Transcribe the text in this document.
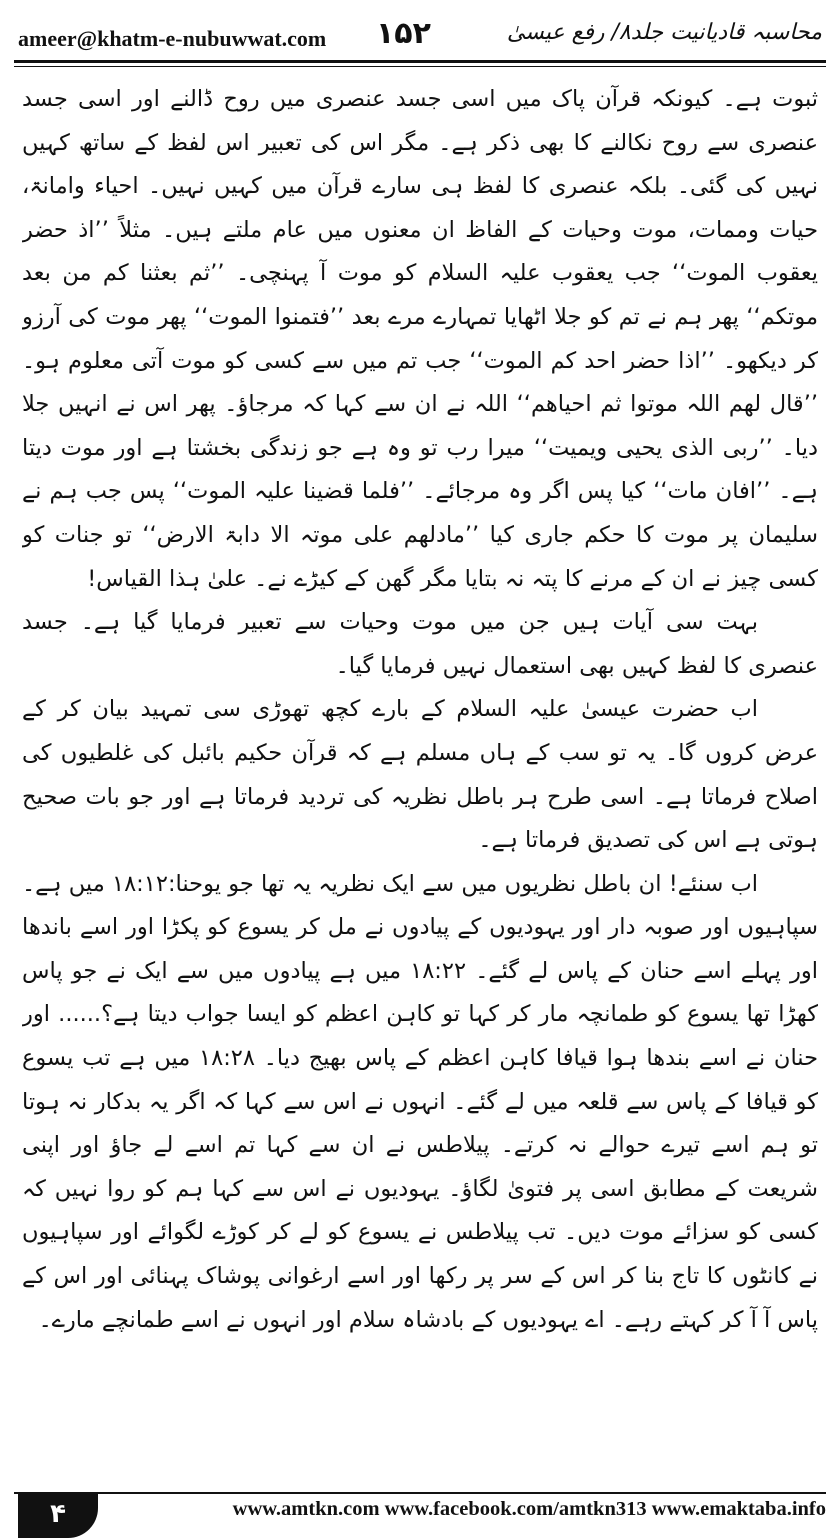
ameer@khatm-e-nubuwwat.com ۱۵۲	محاسبہ قادیانیت جلد۸/ رفع عیسیٰ

ثبوت ہے۔ کیونکہ قرآن پاک میں اسی جسد عنصری میں روح ڈالنے اور اسی جسد عنصری سے روح نکالنے کا بھی ذکر ہے۔ مگر اس کی تعبیر اس لفظ کے ساتھ کہیں نہیں کی گئی۔ بلکہ عنصری کا لفظ ہی سارے قرآن میں کہیں نہیں۔ احیاء وامانۃ، حیات وممات، موت وحیات کے الفاظ ان معنوں میں عام ملتے ہیں۔ مثلاً ’’اذ حضر یعقوب الموت‘‘ جب یعقوب علیہ السلام کو موت آ پہنچی۔ ’’ثم بعثنا کم من بعد موتکم‘‘ پھر ہم نے تم کو جلا اٹھایا تمہارے مرے بعد ’’فتمنوا الموت‘‘ پھر موت کی آرزو کر دیکھو۔ ’’اذا حضر احد کم الموت‘‘ جب تم میں سے کسی کو موت آتی معلوم ہو۔ ’’قال لھم اللہ موتوا ثم احیاھم‘‘ اللہ نے ان سے کہا کہ مرجاؤ۔ پھر اس نے انہیں جلا دیا۔ ’’ربی الذی یحیی ویمیت‘‘ میرا رب تو وہ ہے جو زندگی بخشتا ہے اور موت دیتا ہے۔ ’’افان مات‘‘ کیا پس اگر وہ مرجائے۔ ’’فلما قضینا علیہ الموت‘‘ پس جب ہم نے سلیمان پر موت کا حکم جاری کیا ’’مادلھم علی موتہ الا دابۃ الارض‘‘ تو جنات کو کسی چیز نے ان کے مرنے کا پتہ نہ بتایا مگر گھن کے کیڑے نے۔ علیٰ ہذا القیاس!

بہت سی آیات ہیں جن میں موت وحیات سے تعبیر فرمایا گیا ہے۔ جسد عنصری کا لفظ کہیں بھی استعمال نہیں فرمایا گیا۔

اب حضرت عیسیٰ علیہ السلام کے بارے کچھ تھوڑی سی تمہید بیان کر کے عرض کروں گا۔ یہ تو سب کے ہاں مسلم ہے کہ قرآن حکیم بائبل کی غلطیوں کی اصلاح فرماتا ہے۔ اسی طرح ہر باطل نظریہ کی تردید فرماتا ہے اور جو بات صحیح ہوتی ہے اس کی تصدیق فرماتا ہے۔

اب سنئے! ان باطل نظریوں میں سے ایک نظریہ یہ تھا جو یوحنا:۱۸:۱۲ میں ہے۔ سپاہیوں اور صوبہ دار اور یہودیوں کے پیادوں نے مل کر یسوع کو پکڑا اور اسے باندھا اور پہلے اسے حنان کے پاس لے گئے۔ ۱۸:۲۲ میں ہے پیادوں میں سے ایک نے جو پاس کھڑا تھا یسوع کو طمانچہ مار کر کہا تو کاہن اعظم کو ایسا جواب دیتا ہے؟...... اور حنان نے اسے بندھا ہوا قیافا کاہن اعظم کے پاس بھیج دیا۔ ۱۸:۲۸ میں ہے تب یسوع کو قیافا کے پاس سے قلعہ میں لے گئے۔ انہوں نے اس سے کہا کہ اگر یہ بدکار نہ ہوتا تو ہم اسے تیرے حوالے نہ کرتے۔ پیلاطس نے ان سے کہا تم اسے لے جاؤ اور اپنی شریعت کے مطابق اسی پر فتویٰ لگاؤ۔ یہودیوں نے اس سے کہا ہم کو روا نہیں کہ کسی کو سزائے موت دیں۔ تب پیلاطس نے یسوع کو لے کر کوڑے لگوائے اور سپاہیوں نے کانٹوں کا تاج بنا کر اس کے سر پر رکھا اور اسے ارغوانی پوشاک پہنائی اور اس کے پاس آ آ کر کہتے رہے۔ اے یہودیوں کے بادشاہ سلام اور انہوں نے اسے طمانچے مارے۔

۴	www.amtkn.com www.facebook.com/amtkn313 www.emaktaba.info
